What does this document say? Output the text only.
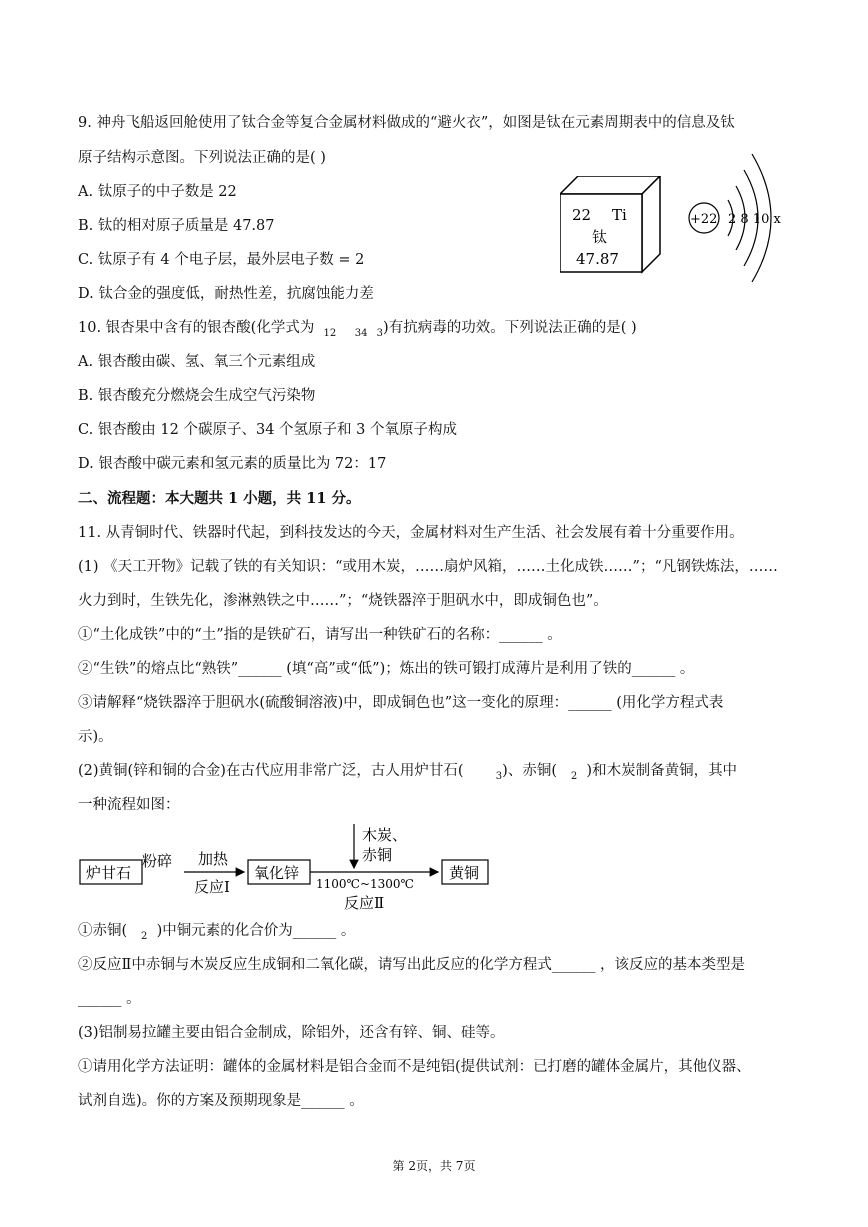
9. 神舟飞船返回舱使用了钛合金等复合金属材料做成的“避火衣”，如图是钛在元素周期表中的信息及钛
原子结构示意图。下列说法正确的是( )
A. 钛原子的中子数是 22
B. 钛的相对原子质量是 47.87
C. 钛原子有 4 个电子层，最外层电子数 = 2
D. 钛合金的强度低，耐热性差，抗腐蚀能力差
22 Ti
钛
47.87
+22 2 8 10 x
10. 银杏果中含有的银杏酸(化学式为 $_{12}$ $_{34}$ $_3$)有抗病毒的功效。下列说法正确的是( )
A. 银杏酸由碳、氢、氧三个元素组成
B. 银杏酸充分燃烧会生成空气污染物
C. 银杏酸由 12 个碳原子、34 个氢原子和 3 个氧原子构成
D. 银杏酸中碳元素和氢元素的质量比为 72：17
二、流程题：本大题共 1 小题，共 11 分。
11. 从青铜时代、铁器时代起，到科技发达的今天，金属材料对生产生活、社会发展有着十分重要作用。
(1) 《天工开物》记载了铁的有关知识：“或用木炭，……扇炉风箱，……土化成铁……”；“凡钢铁炼法，……
火力到时，生铁先化，渗淋熟铁之中……”；“烧铁器淬于胆矾水中，即成铜色也”。
①“土化成铁”中的“土”指的是铁矿石，请写出一种铁矿石的名称：______ 。
②“生铁”的熔点比“熟铁”______ (填“高”或“低”)；炼出的铁可锻打成薄片是利用了铁的______ 。
③请解释“烧铁器淬于胆矾水(硫酸铜溶液)中，即成铜色也”这一变化的原理：______ (用化学方程式表
示)。
(2)黄铜(锌和铜的合金)在古代应用非常广泛，古人用炉甘石(	$_3$)、赤铜( $_2$ )和木炭制备黄铜，其中
一种流程如图：
炉甘石
粉碎 加热
反应Ⅰ
氧化锌
木炭、
赤铜
1100℃~1300℃
反应Ⅱ
黄铜
①赤铜( $_2$ )中铜元素的化合价为______ 。
②反应Ⅱ中赤铜与木炭反应生成铜和二氧化碳，请写出此反应的化学方程式______ ，该反应的基本类型是
______ 。
(3)铝制易拉罐主要由铝合金制成，除铝外，还含有锌、铜、硅等。
①请用化学方法证明：罐体的金属材料是铝合金而不是纯铝(提供试剂：已打磨的罐体金属片，其他仪器、
试剂自选)。你的方案及预期现象是______ 。
第 2页，共 7页
